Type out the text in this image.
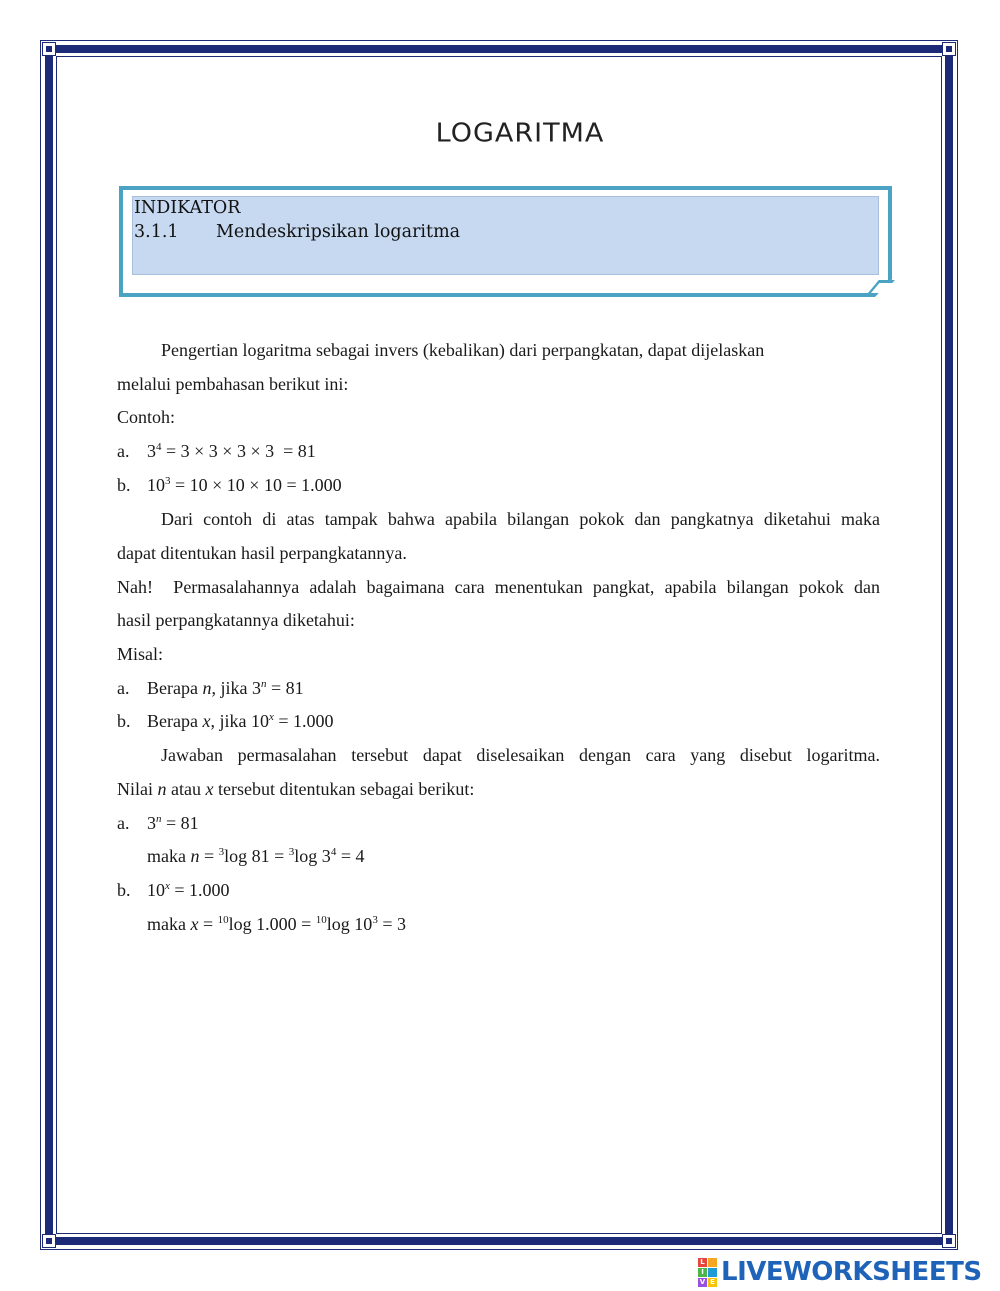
LOGARITMA
INDIKATOR
3.1.1 Mendeskripsikan logaritma
Pengertian logaritma sebagai invers (kebalikan) dari perpangkatan, dapat dijelaskan
melalui pembahasan berikut ini:
Contoh:
a. $3^4 = 3 \times 3 \times 3 \times 3 = 81$
b. $10^3 = 10 \times 10 \times 10 = 1.000$
Dari contoh di atas tampak bahwa apabila bilangan pokok dan pangkatnya diketahui maka
dapat ditentukan hasil perpangkatannya.
Nah!  Permasalahannya adalah bagaimana cara menentukan pangkat, apabila bilangan pokok dan
hasil perpangkatannya diketahui:
Misal:
a. Berapa n, jika $3^n = 81$
b. Berapa x, jika $10^x = 1.000$
Jawaban permasalahan tersebut dapat diselesaikan dengan cara yang disebut logaritma.
Nilai n atau x tersebut ditentukan sebagai berikut:
a. $3^n = 81$
maka n = $^3$log 81 = $^3$log $3^4 = 4$
b. $10^x = 1.000$
maka x = $^{10}$log 1.000 = $^{10}$log $10^3 = 3$
L
I
V E LIVEWORKSHEETS
